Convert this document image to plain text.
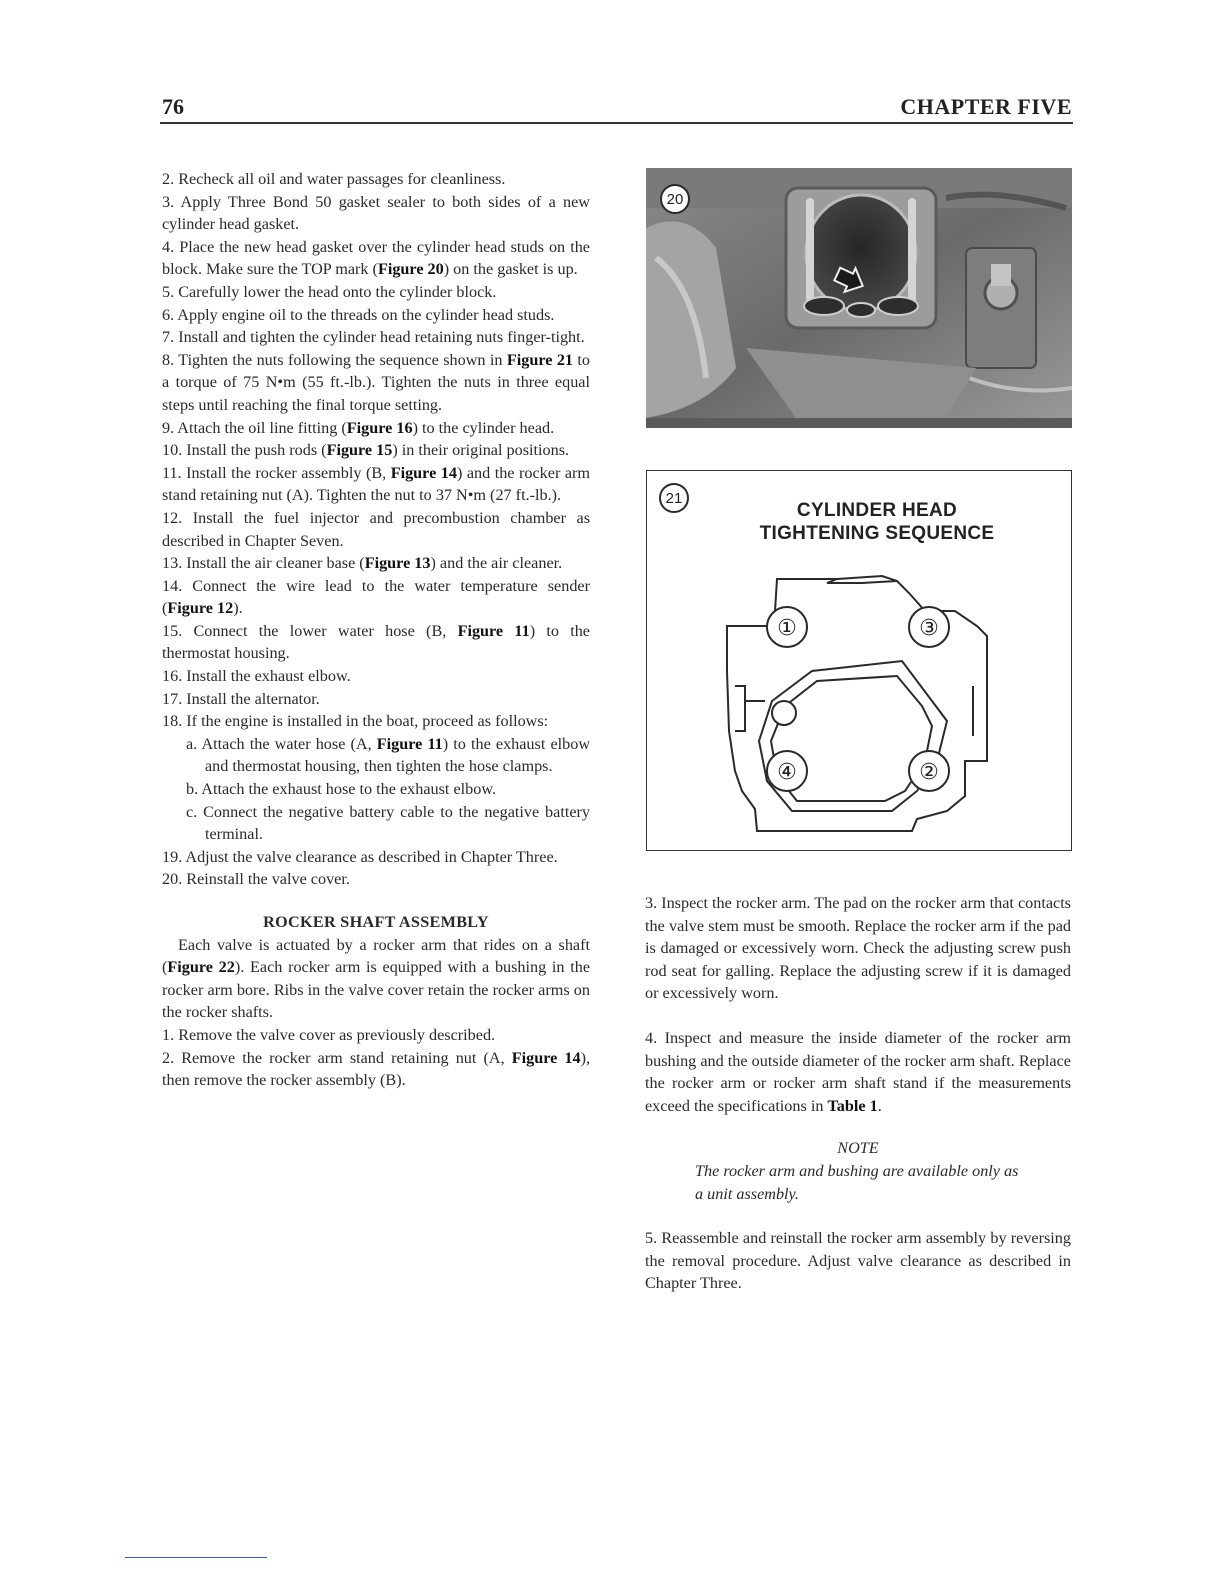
76	CHAPTER FIVE

2. Recheck all oil and water passages for cleanliness.

3. Apply Three Bond 50 gasket sealer to both sides of a new cylinder head gasket.

4. Place the new head gasket over the cylinder head studs on the block. Make sure the TOP mark (Figure 20) on the gasket is up.

5. Carefully lower the head onto the cylinder block.

6. Apply engine oil to the threads on the cylinder head studs.

7. Install and tighten the cylinder head retaining nuts finger-tight.

8. Tighten the nuts following the sequence shown in Figure 21 to a torque of 75 N•m (55 ft.-lb.). Tighten the nuts in three equal steps until reaching the final torque setting.

9. Attach the oil line fitting (Figure 16) to the cylinder head.

10. Install the push rods (Figure 15) in their original positions.

11. Install the rocker assembly (B, Figure 14) and the rocker arm stand retaining nut (A). Tighten the nut to 37 N•m (27 ft.-lb.).

12. Install the fuel injector and precombustion chamber as described in Chapter Seven.

13. Install the air cleaner base (Figure 13) and the air cleaner.

14. Connect the wire lead to the water temperature sender (Figure 12).

15. Connect the lower water hose (B, Figure 11) to the thermostat housing.

16. Install the exhaust elbow.

17. Install the alternator.

18. If the engine is installed in the boat, proceed as follows:

a. Attach the water hose (A, Figure 11) to the exhaust elbow and thermostat housing, then tighten the hose clamps.

b. Attach the exhaust hose to the exhaust elbow.

c. Connect the negative battery cable to the negative battery terminal.

19. Adjust the valve clearance as described in Chapter Three.

20. Reinstall the valve cover.

ROCKER SHAFT ASSEMBLY

Each valve is actuated by a rocker arm that rides on a shaft (Figure 22). Each rocker arm is equipped with a bushing in the rocker arm bore. Ribs in the valve cover retain the rocker arms on the rocker shafts.

1. Remove the valve cover as previously described.

2. Remove the rocker arm stand retaining nut (A, Figure 14), then remove the rocker assembly (B).

20
21
CYLINDER HEAD
TIGHTENING SEQUENCE
①	③
④	②

3. Inspect the rocker arm. The pad on the rocker arm that contacts the valve stem must be smooth. Replace the rocker arm if the pad is damaged or excessively worn. Check the adjusting screw push rod seat for galling. Replace the adjusting screw if it is damaged or excessively worn.

4. Inspect and measure the inside diameter of the rocker arm bushing and the outside diameter of the rocker arm shaft. Replace the rocker arm or rocker arm shaft stand if the measurements exceed the specifications in Table 1.

NOTE

The rocker arm and bushing are available only as a unit assembly.

5. Reassemble and reinstall the rocker arm assembly by reversing the removal procedure. Adjust valve clearance as described in Chapter Three.
